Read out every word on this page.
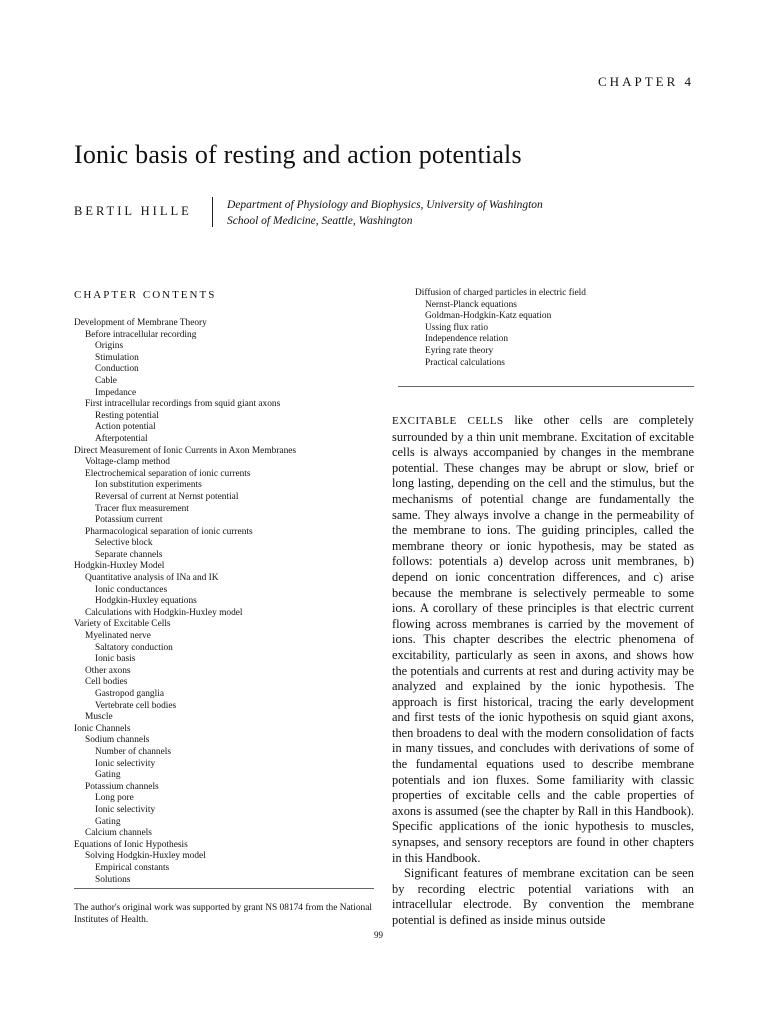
CHAPTER 4
Ionic basis of resting and action potentials
BERTIL HILLE	Department of Physiology and Biophysics, University of Washington
School of Medicine, Seattle, Washington
CHAPTER CONTENTS
Development of Membrane Theory
Before intracellular recording
Origins
Stimulation
Conduction
Cable
Impedance
First intracellular recordings from squid giant axons
Resting potential
Action potential
Afterpotential
Direct Measurement of Ionic Currents in Axon Membranes
Voltage-clamp method
Electrochemical separation of ionic currents
Ion substitution experiments
Reversal of current at Nernst potential
Tracer flux measurement
Potassium current
Pharmacological separation of ionic currents
Selective block
Separate channels
Hodgkin-Huxley Model
Quantitative analysis of INa and IK
Ionic conductances
Hodgkin-Huxley equations
Calculations with Hodgkin-Huxley model
Variety of Excitable Cells
Myelinated nerve
Saltatory conduction
Ionic basis
Other axons
Cell bodies
Gastropod ganglia
Vertebrate cell bodies
Muscle
Ionic Channels
Sodium channels
Number of channels
Ionic selectivity
Gating
Potassium channels
Long pore
Ionic selectivity
Gating
Calcium channels
Equations of Ionic Hypothesis
Solving Hodgkin-Huxley model
Empirical constants
Solutions
Diffusion of charged particles in electric field
Nernst-Planck equations
Goldman-Hodgkin-Katz equation
Ussing flux ratio
Independence relation
Eyring rate theory
Practical calculations

EXCITABLE CELLS like other cells are completely surrounded by a thin unit membrane. Excitation of excitable cells is always accompanied by changes in the membrane potential. These changes may be abrupt or slow, brief or long lasting, depending on the cell and the stimulus, but the mechanisms of potential change are fundamentally the same. They always involve a change in the permeability of the membrane to ions. The guiding principles, called the membrane theory or ionic hypothesis, may be stated as follows: potentials a) develop across unit membranes, b) depend on ionic concentration differences, and c) arise because the membrane is selectively permeable to some ions. A corollary of these principles is that electric current flowing across membranes is carried by the movement of ions. This chapter describes the electric phenomena of excitability, particularly as seen in axons, and shows how the potentials and currents at rest and during activity may be analyzed and explained by the ionic hypothesis. The approach is first historical, tracing the early development and first tests of the ionic hypothesis on squid giant axons, then broadens to deal with the modern consolidation of facts in many tissues, and concludes with derivations of some of the fundamental equations used to describe membrane potentials and ion fluxes. Some familiarity with classic properties of excitable cells and the cable properties of axons is assumed (see the chapter by Rall in this Handbook). Specific applications of the ionic hypothesis to muscles, synapses, and sensory receptors are found in other chapters in this Handbook.

Significant features of membrane excitation can be seen by recording electric potential variations with an intracellular electrode. By convention the membrane potential is defined as inside minus outside

The author's original work was supported by grant NS 08174 from the National Institutes of Health.
99
